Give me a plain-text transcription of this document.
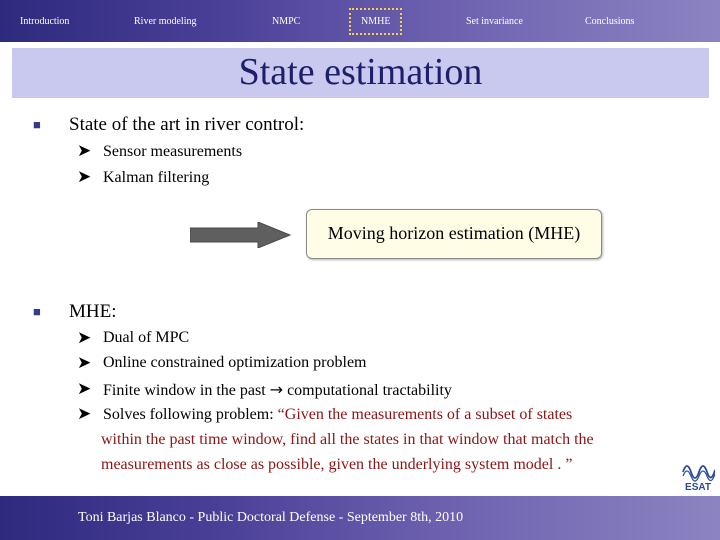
Introduction	River modeling	NMPC	NMHE	Set invariance	Conclusions
State estimation
■ State of the art in river control:
➤ Sensor measurements
➤ Kalman filtering
Moving horizon estimation (MHE)
■ MHE:
➤ Dual of MPC
➤ Online constrained optimization problem
➤ Finite window in the past → computational tractability
➤ Solves following problem: “Given the measurements of a subset of states
within the past time window, find all the states in that window that match the
measurements as close as possible, given the underlying system model . ”
ESAT
Toni Barjas Blanco - Public Doctoral Defense - September 8th, 2010
